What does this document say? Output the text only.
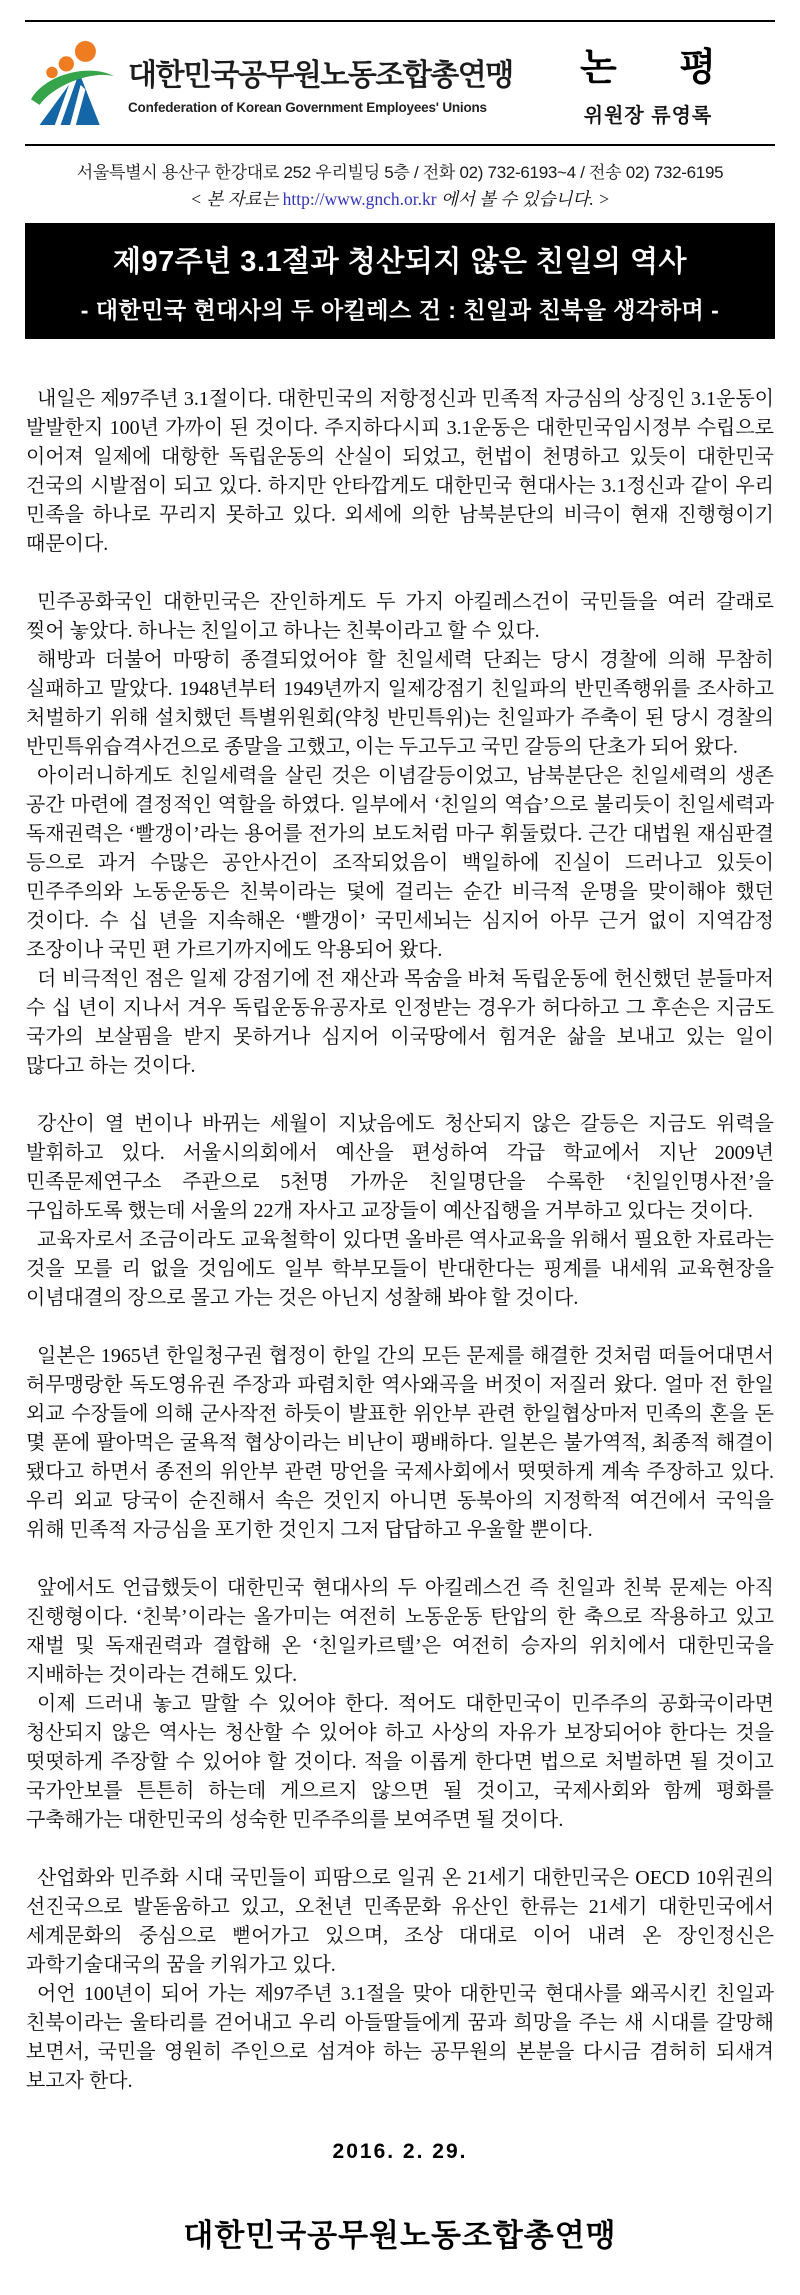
대한민국공무원노동조합총연맹
Confederation of Korean Government Employees' Unions
논 평
위원장 류영록
서울특별시 용산구 한강대로 252 우리빌딩 5층 / 전화 02) 732-6193~4 / 전송 02) 732-6195
< 본 자료는 http://www.gnch.or.kr 에서 볼 수 있습니다. >
제97주년 3.1절과 청산되지 않은 친일의 역사
- 대한민국 현대사의 두 아킬레스 건 : 친일과 친북을 생각하며 -

내일은 제97주년 3.1절이다. 대한민국의 저항정신과 민족적 자긍심의 상징인 3.1운동이 발발한지 100년 가까이 된 것이다. 주지하다시피 3.1운동은 대한민국임시정부 수립으로 이어져 일제에 대항한 독립운동의 산실이 되었고, 헌법이 천명하고 있듯이 대한민국 건국의 시발점이 되고 있다. 하지만 안타깝게도 대한민국 현대사는 3.1정신과 같이 우리 민족을 하나로 꾸리지 못하고 있다. 외세에 의한 남북분단의 비극이 현재 진행형이기 때문이다.

민주공화국인 대한민국은 잔인하게도 두 가지 아킬레스건이 국민들을 여러 갈래로 찢어 놓았다. 하나는 친일이고 하나는 친북이라고 할 수 있다.

해방과 더불어 마땅히 종결되었어야 할 친일세력 단죄는 당시 경찰에 의해 무참히 실패하고 말았다. 1948년부터 1949년까지 일제강점기 친일파의 반민족행위를 조사하고 처벌하기 위해 설치했던 특별위원회(약칭 반민특위)는 친일파가 주축이 된 당시 경찰의 반민특위습격사건으로 종말을 고했고, 이는 두고두고 국민 갈등의 단초가 되어 왔다.

아이러니하게도 친일세력을 살린 것은 이념갈등이었고, 남북분단은 친일세력의 생존 공간 마련에 결정적인 역할을 하였다. 일부에서 ‘친일의 역습’으로 불리듯이 친일세력과 독재권력은 ‘빨갱이’라는 용어를 전가의 보도처럼 마구 휘둘렀다. 근간 대법원 재심판결 등으로 과거 수많은 공안사건이 조작되었음이 백일하에 진실이 드러나고 있듯이 민주주의와 노동운동은 친북이라는 덫에 걸리는 순간 비극적 운명을 맞이해야 했던 것이다. 수 십 년을 지속해온 ‘빨갱이’ 국민세뇌는 심지어 아무 근거 없이 지역감정 조장이나 국민 편 가르기까지에도 악용되어 왔다.

더 비극적인 점은 일제 강점기에 전 재산과 목숨을 바쳐 독립운동에 헌신했던 분들마저 수 십 년이 지나서 겨우 독립운동유공자로 인정받는 경우가 허다하고 그 후손은 지금도 국가의 보살핌을 받지 못하거나 심지어 이국땅에서 힘겨운 삶을 보내고 있는 일이 많다고 하는 것이다.

강산이 열 번이나 바뀌는 세월이 지났음에도 청산되지 않은 갈등은 지금도 위력을 발휘하고 있다. 서울시의회에서 예산을 편성하여 각급 학교에서 지난 2009년 민족문제연구소 주관으로 5천명 가까운 친일명단을 수록한 ‘친일인명사전’을 구입하도록 했는데 서울의 22개 자사고 교장들이 예산집행을 거부하고 있다는 것이다.

교육자로서 조금이라도 교육철학이 있다면 올바른 역사교육을 위해서 필요한 자료라는 것을 모를 리 없을 것임에도 일부 학부모들이 반대한다는 핑계를 내세워 교육현장을 이념대결의 장으로 몰고 가는 것은 아닌지 성찰해 봐야 할 것이다.

일본은 1965년 한일청구권 협정이 한일 간의 모든 문제를 해결한 것처럼 떠들어대면서 허무맹랑한 독도영유권 주장과 파렴치한 역사왜곡을 버젓이 저질러 왔다. 얼마 전 한일 외교 수장들에 의해 군사작전 하듯이 발표한 위안부 관련 한일협상마저 민족의 혼을 돈 몇 푼에 팔아먹은 굴욕적 협상이라는 비난이 팽배하다. 일본은 불가역적, 최종적 해결이 됐다고 하면서 종전의 위안부 관련 망언을 국제사회에서 떳떳하게 계속 주장하고 있다. 우리 외교 당국이 순진해서 속은 것인지 아니면 동북아의 지정학적 여건에서 국익을 위해 민족적 자긍심을 포기한 것인지 그저 답답하고 우울할 뿐이다.

앞에서도 언급했듯이 대한민국 현대사의 두 아킬레스건 즉 친일과 친북 문제는 아직 진행형이다. ‘친북’이라는 올가미는 여전히 노동운동 탄압의 한 축으로 작용하고 있고 재벌 및 독재권력과 결합해 온 ‘친일카르텔’은 여전히 승자의 위치에서 대한민국을 지배하는 것이라는 견해도 있다.

이제 드러내 놓고 말할 수 있어야 한다. 적어도 대한민국이 민주주의 공화국이라면 청산되지 않은 역사는 청산할 수 있어야 하고 사상의 자유가 보장되어야 한다는 것을 떳떳하게 주장할 수 있어야 할 것이다. 적을 이롭게 한다면 법으로 처벌하면 될 것이고 국가안보를 튼튼히 하는데 게으르지 않으면 될 것이고, 국제사회와 함께 평화를 구축해가는 대한민국의 성숙한 민주주의를 보여주면 될 것이다.

산업화와 민주화 시대 국민들이 피땀으로 일궈 온 21세기 대한민국은 OECD 10위권의 선진국으로 발돋움하고 있고, 오천년 민족문화 유산인 한류는 21세기 대한민국에서 세계문화의 중심으로 뻗어가고 있으며, 조상 대대로 이어 내려 온 장인정신은 과학기술대국의 꿈을 키워가고 있다.

어언 100년이 되어 가는 제97주년 3.1절을 맞아 대한민국 현대사를 왜곡시킨 친일과 친북이라는 울타리를 걷어내고 우리 아들딸들에게 꿈과 희망을 주는 새 시대를 갈망해 보면서, 국민을 영원히 주인으로 섬겨야 하는 공무원의 본분을 다시금 겸허히 되새겨 보고자 한다.

2016. 2. 29.
대한민국공무원노동조합총연맹
